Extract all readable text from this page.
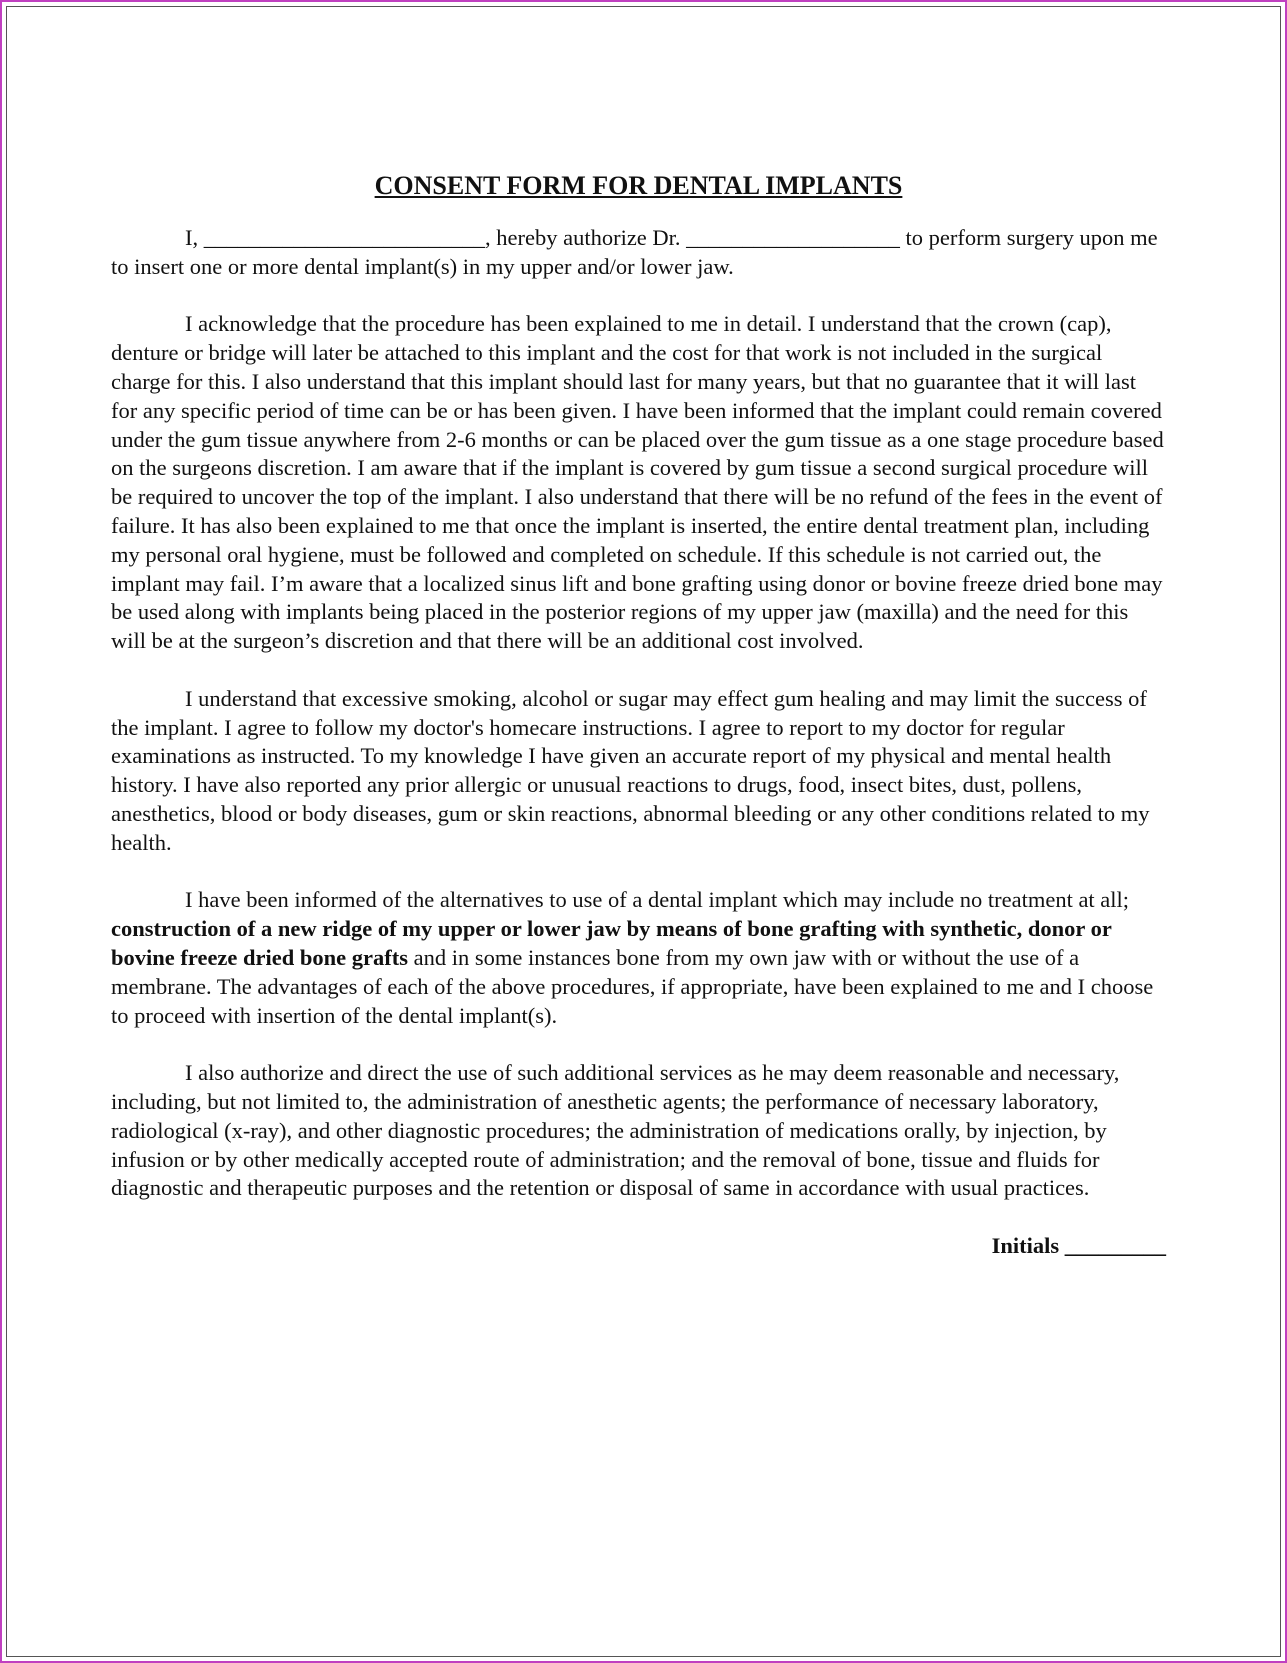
CONSENT FORM FOR DENTAL IMPLANTS

I, _________________________, hereby authorize Dr. ___________________ to perform surgery upon me to insert one or more dental implant(s) in my upper and/or lower jaw.

I acknowledge that the procedure has been explained to me in detail. I understand that the crown (cap), denture or bridge will later be attached to this implant and the cost for that work is not included in the surgical charge for this. I also understand that this implant should last for many years, but that no guarantee that it will last for any specific period of time can be or has been given. I have been informed that the implant could remain covered under the gum tissue anywhere from 2-6 months or can be placed over the gum tissue as a one stage procedure based on the surgeons discretion. I am aware that if the implant is covered by gum tissue a second surgical procedure will be required to uncover the top of the implant. I also understand that there will be no refund of the fees in the event of failure. It has also been explained to me that once the implant is inserted, the entire dental treatment plan, including my personal oral hygiene, must be followed and completed on schedule. If this schedule is not carried out, the implant may fail. I’m aware that a localized sinus lift and bone grafting using donor or bovine freeze dried bone may be used along with implants being placed in the posterior regions of my upper jaw (maxilla) and the need for this will be at the surgeon’s discretion and that there will be an additional cost involved.

I understand that excessive smoking, alcohol or sugar may effect gum healing and may limit the success of the implant. I agree to follow my doctor's homecare instructions. I agree to report to my doctor for regular examinations as instructed. To my knowledge I have given an accurate report of my physical and mental health history. I have also reported any prior allergic or unusual reactions to drugs, food, insect bites, dust, pollens, anesthetics, blood or body diseases, gum or skin reactions, abnormal bleeding or any other conditions related to my health.

I have been informed of the alternatives to use of a dental implant which may include no treatment at all; construction of a new ridge of my upper or lower jaw by means of bone grafting with synthetic, donor or bovine freeze dried bone grafts and in some instances bone from my own jaw with or without the use of a membrane. The advantages of each of the above procedures, if appropriate, have been explained to me and I choose to proceed with insertion of the dental implant(s).

I also authorize and direct the use of such additional services as he may deem reasonable and necessary, including, but not limited to, the administration of anesthetic agents; the performance of necessary laboratory, radiological (x-ray), and other diagnostic procedures; the administration of medications orally, by injection, by infusion or by other medically accepted route of administration; and the removal of bone, tissue and fluids for diagnostic and therapeutic purposes and the retention or disposal of same in accordance with usual practices.

Initials _________
